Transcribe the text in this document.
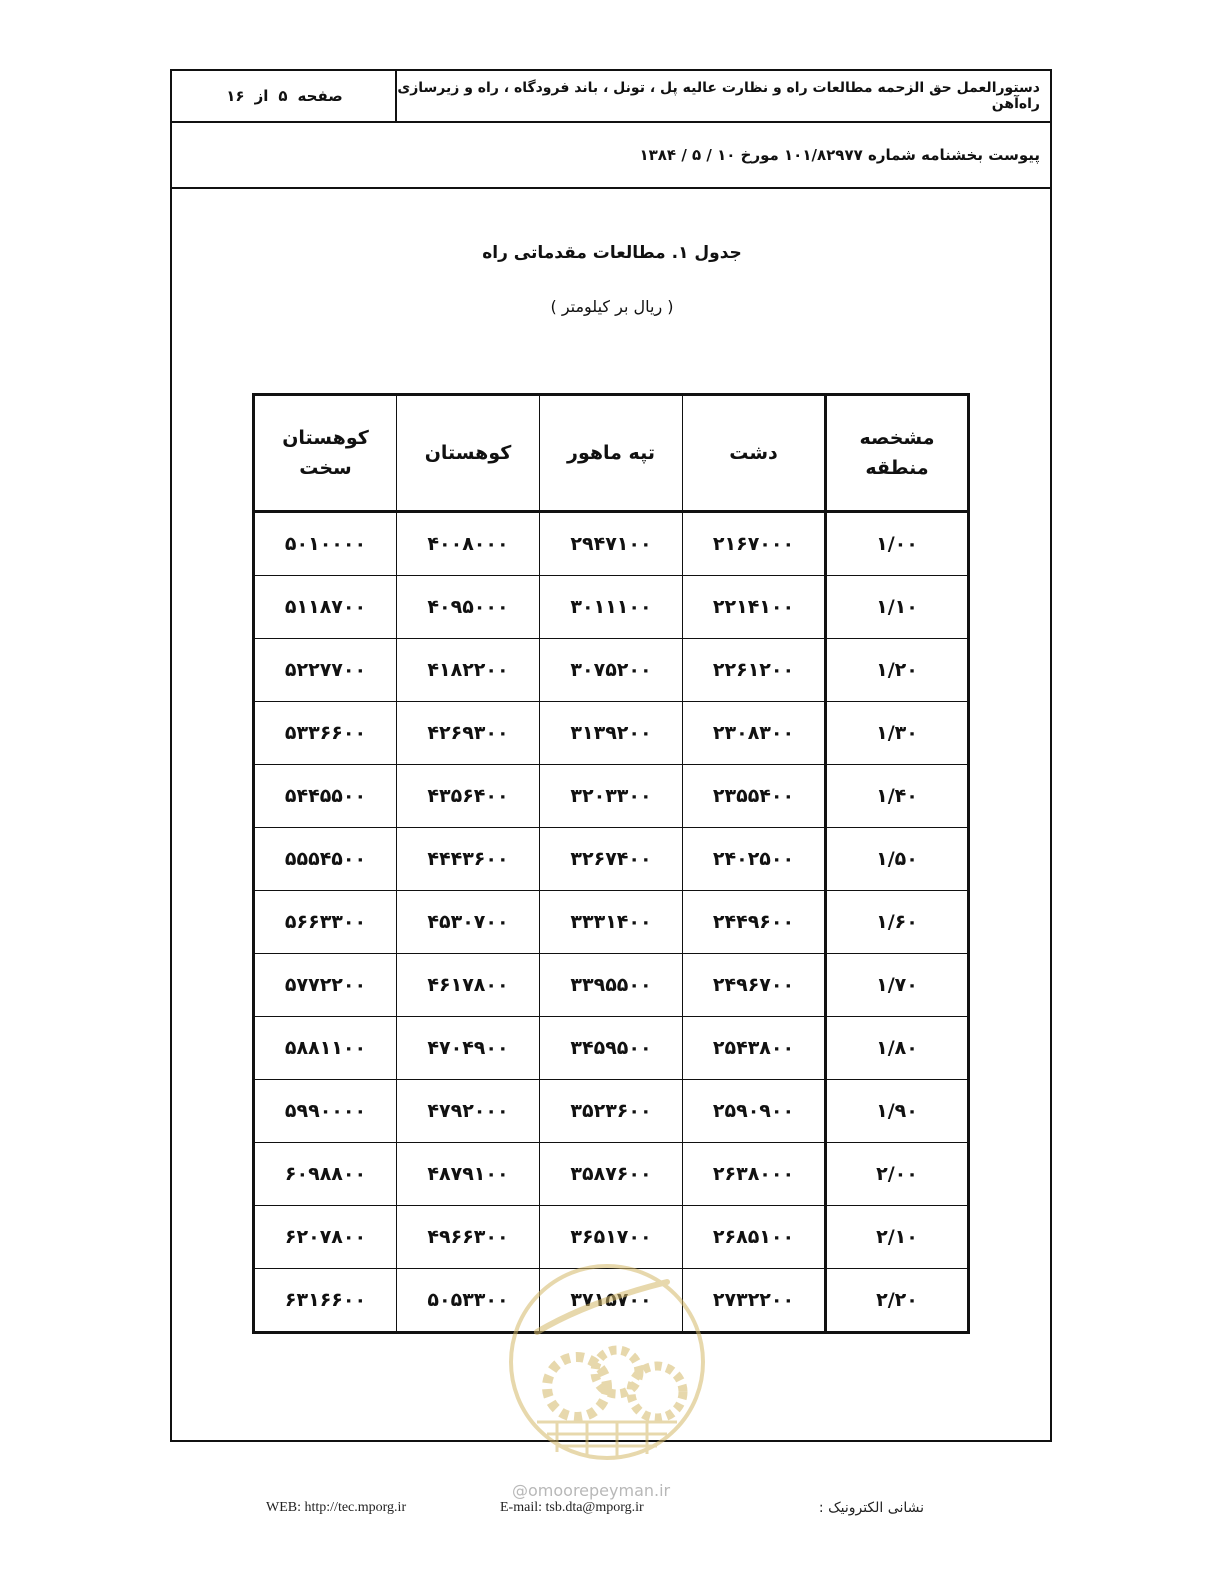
دستورالعمل حق الزحمه مطالعات راه و نظارت عالیه پل ، تونل ، باند فرودگاه ، راه و زیرسازی راه‌آهن
صفحه
۵
از
۱۶
پیوست بخشنامه شماره ۱۰۱/۸۲۹۷۷ مورخ ۱۰ / ۵ / ۱۳۸۴
جدول ۱. مطالعات مقدماتی راه
( ریال بر کیلومتر )
مشخصه منطقه	دشت	تپه ماهور	کوهستان	کوهستان سخت
۱/۰۰	۲۱۶۷۰۰۰	۲۹۴۷۱۰۰	۴۰۰۸۰۰۰	۵۰۱۰۰۰۰
۱/۱۰	۲۲۱۴۱۰۰	۳۰۱۱۱۰۰	۴۰۹۵۰۰۰	۵۱۱۸۷۰۰
۱/۲۰	۲۲۶۱۲۰۰	۳۰۷۵۲۰۰	۴۱۸۲۲۰۰	۵۲۲۷۷۰۰
۱/۳۰	۲۳۰۸۳۰۰	۳۱۳۹۲۰۰	۴۲۶۹۳۰۰	۵۳۳۶۶۰۰
۱/۴۰	۲۳۵۵۴۰۰	۳۲۰۳۳۰۰	۴۳۵۶۴۰۰	۵۴۴۵۵۰۰
۱/۵۰	۲۴۰۲۵۰۰	۳۲۶۷۴۰۰	۴۴۴۳۶۰۰	۵۵۵۴۵۰۰
۱/۶۰	۲۴۴۹۶۰۰	۳۳۳۱۴۰۰	۴۵۳۰۷۰۰	۵۶۶۳۳۰۰
۱/۷۰	۲۴۹۶۷۰۰	۳۳۹۵۵۰۰	۴۶۱۷۸۰۰	۵۷۷۲۲۰۰
۱/۸۰	۲۵۴۳۸۰۰	۳۴۵۹۵۰۰	۴۷۰۴۹۰۰	۵۸۸۱۱۰۰
۱/۹۰	۲۵۹۰۹۰۰	۳۵۲۳۶۰۰	۴۷۹۲۰۰۰	۵۹۹۰۰۰۰
۲/۰۰	۲۶۳۸۰۰۰	۳۵۸۷۶۰۰	۴۸۷۹۱۰۰	۶۰۹۸۸۰۰
۲/۱۰	۲۶۸۵۱۰۰	۳۶۵۱۷۰۰	۴۹۶۶۳۰۰	۶۲۰۷۸۰۰
۲/۲۰	۲۷۳۲۲۰۰	۳۷۱۵۷۰۰	۵۰۵۳۳۰۰	۶۳۱۶۶۰۰
@omoorepeyman.ir
WEB: http://tec.mporg.ir	E-mail: tsb.dta@mporg.ir	نشانی الکترونیک :
